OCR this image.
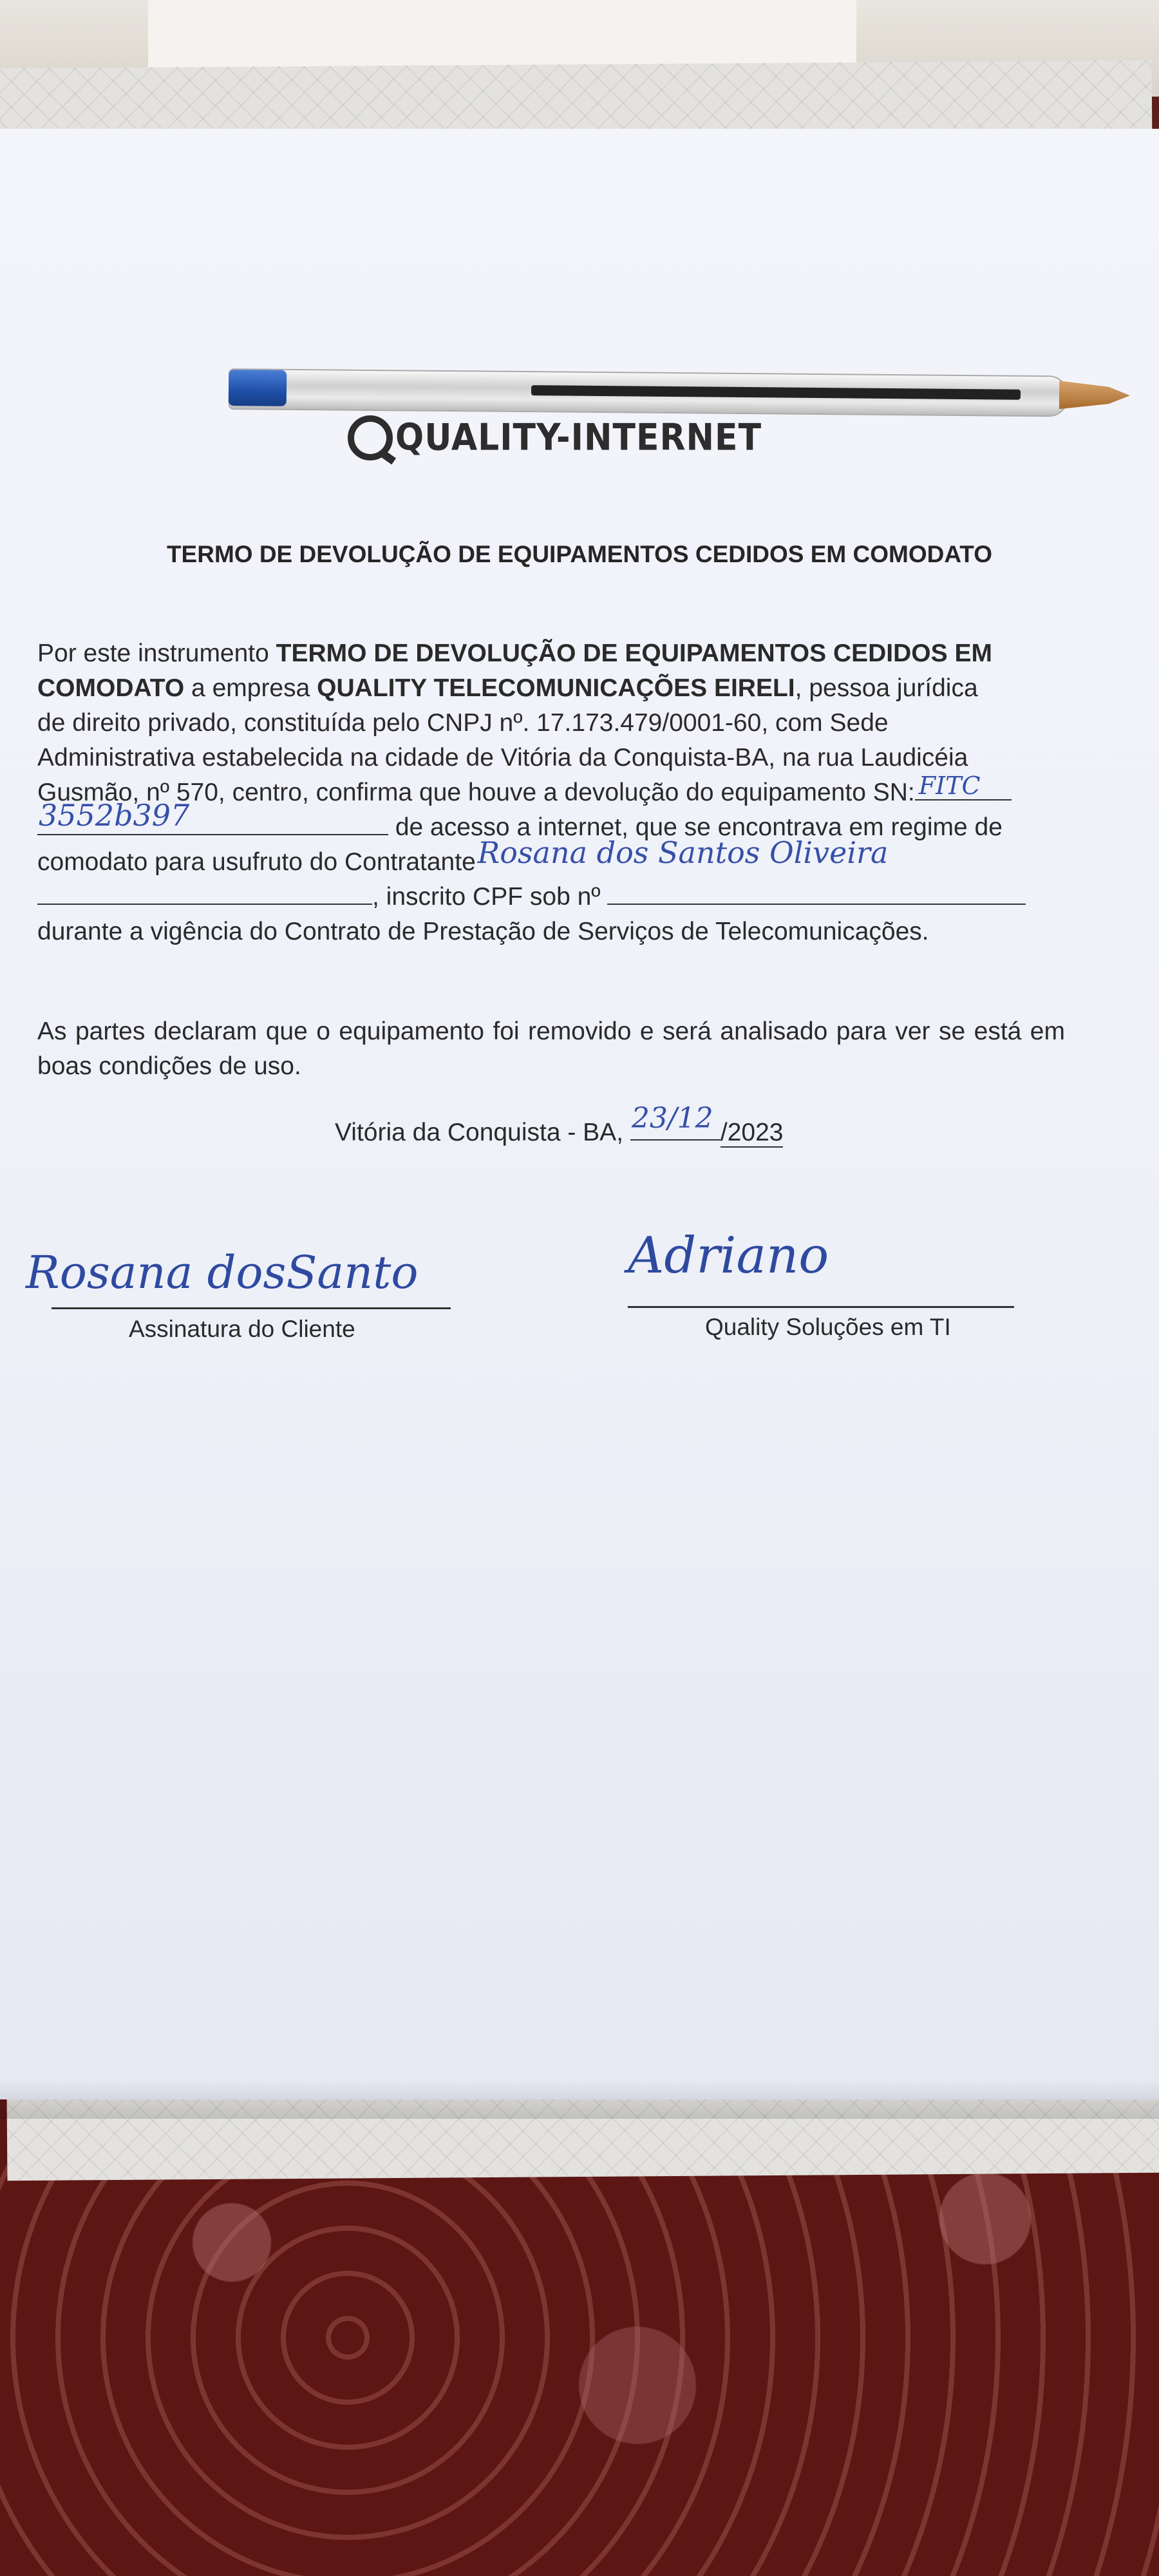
QUALITY-INTERNET
TERMO DE DEVOLUÇÃO DE EQUIPAMENTOS CEDIDOS EM COMODATO
Por este instrumento TERMO DE DEVOLUÇÃO DE EQUIPAMENTOS CEDIDOS EM
COMODATO a empresa QUALITY TELECOMUNICAÇÕES EIRELI, pessoa jurídica
de direito privado, constituída pelo CNPJ nº. 17.173.479/0001-60, com Sede
Administrativa estabelecida na cidade de Vitória da Conquista-BA, na rua Laudicéia
Gusmão, nº 570, centro, confirma que houve a devolução do equipamento SN: FITC
3552b397	de acesso a internet, que se encontrava em regime de
comodato para usufruto do Contratante Rosana dos Santos Oliveira
, inscrito CPF sob nº
durante a vigência do Contrato de Prestação de Serviços de Telecomunicações.
As partes declaram que o equipamento foi removido e será analisado para ver se está em boas condições de uso.
Vitória da Conquista - BA, 23/12 /2023
Rosana dosSanto
Assinatura do Cliente
Adriano
Quality Soluções em TI
